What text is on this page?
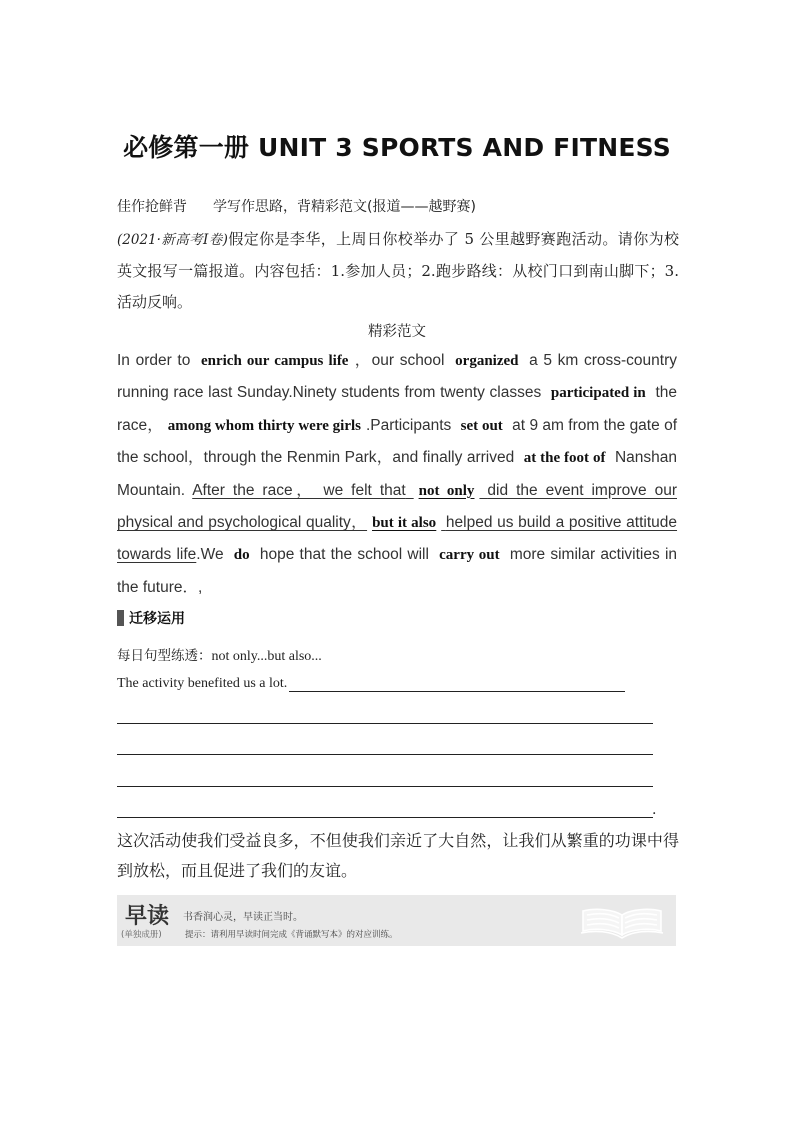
必修第一册 UNIT 3 SPORTS AND FITNESS
佳作抢鲜背 学写作思路，背精彩范文(报道——越野赛)
(2021·新高考Ⅰ卷)假定你是李华，上周日你校举办了 5 公里越野赛跑活动。请你为校英文报写一篇报道。内容包括：1.参加人员；2.跑步路线：从校门口到南山脚下；3.活动反响。
精彩范文
In order to enrich our campus life ，our school organized a 5 km cross-country running race last Sunday.Ninety students from twenty classes participated in the race， among whom thirty were girls .Participants set out at 9 am from the gate of the school，through the Renmin Park，and finally arrived at the foot of Nanshan Mountain. After the race， we felt that not only did the event improve our physical and psychological quality， but it also helped us build a positive attitude towards life.We do hope that the school will carry out more similar activities in the future．,
迁移运用
每日句型练透：not only...but also...
The activity benefited us a lot.
.
这次活动使我们受益良多，不但使我们亲近了大自然，让我们从繁重的功课中得到放松，而且促进了我们的友谊。
早读 书香润心灵，早读正当时。
(单独成册)	提示：请利用早读时间完成《背诵默写本》的对应训练。
